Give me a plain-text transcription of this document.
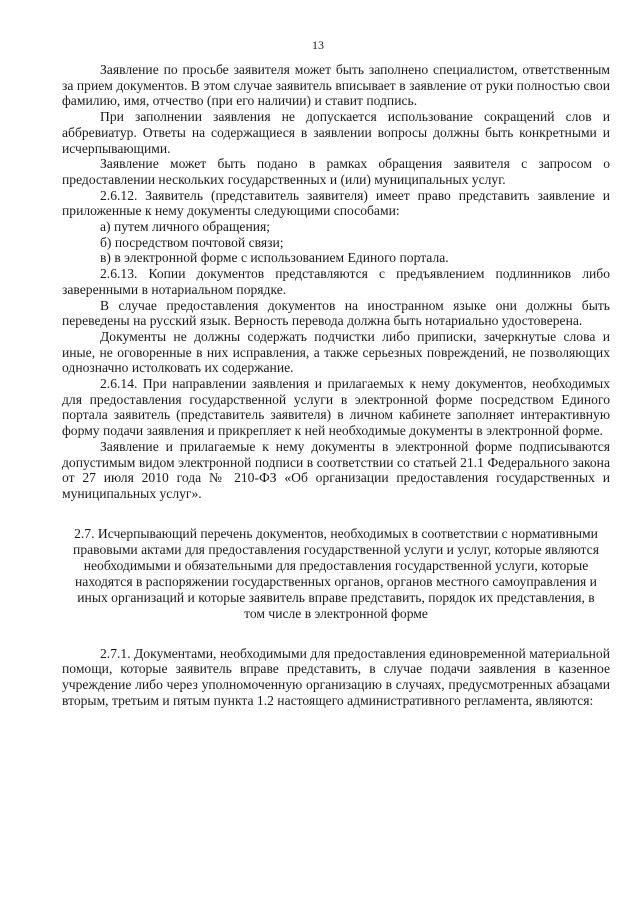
13

Заявление по просьбе заявителя может быть заполнено специалистом, ответственным за прием документов. В этом случае заявитель вписывает в заявление от руки полностью свои фамилию, имя, отчество (при его наличии) и ставит подпись.

При заполнении заявления не допускается использование сокращений слов и аббревиатур. Ответы на содержащиеся в заявлении вопросы должны быть конкретными и исчерпывающими.

Заявление может быть подано в рамках обращения заявителя с запросом о предоставлении нескольких государственных и (или) муниципальных услуг.

2.6.12. Заявитель (представитель заявителя) имеет право представить заявление и приложенные к нему документы следующими способами:

а) путем личного обращения;

б) посредством почтовой связи;

в) в электронной форме с использованием Единого портала.

2.6.13. Копии документов представляются с предъявлением подлинников либо заверенными в нотариальном порядке.

В случае предоставления документов на иностранном языке они должны быть переведены на русский язык. Верность перевода должна быть нотариально удостоверена.

Документы не должны содержать подчистки либо приписки, зачеркнутые слова и иные, не оговоренные в них исправления, а также серьезных повреждений, не позволяющих однозначно истолковать их содержание.

2.6.14. При направлении заявления и прилагаемых к нему документов, необходимых для предоставления государственной услуги в электронной форме посредством Единого портала заявитель (представитель заявителя) в личном кабинете заполняет интерактивную форму подачи заявления и прикрепляет к ней необходимые документы в электронной форме.

Заявление и прилагаемые к нему документы в электронной форме подписываются допустимым видом электронной подписи в соответствии со статьей 21.1 Федерального закона от 27 июля 2010 года № 210-ФЗ «Об организации предоставления государственных и муниципальных услуг».

2.7. Исчерпывающий перечень документов, необходимых в соответствии с нормативными правовыми актами для предоставления государственной услуги и услуг, которые являются необходимыми и обязательными для предоставления государственной услуги, которые находятся в распоряжении государственных органов, органов местного самоуправления и иных организаций и которые заявитель вправе представить, порядок их представления, в том числе в электронной форме

2.7.1. Документами, необходимыми для предоставления единовременной материальной помощи, которые заявитель вправе представить, в случае подачи заявления в казенное учреждение либо через уполномоченную организацию в случаях, предусмотренных абзацами вторым, третьим и пятым пункта 1.2 настоящего административного регламента, являются:
